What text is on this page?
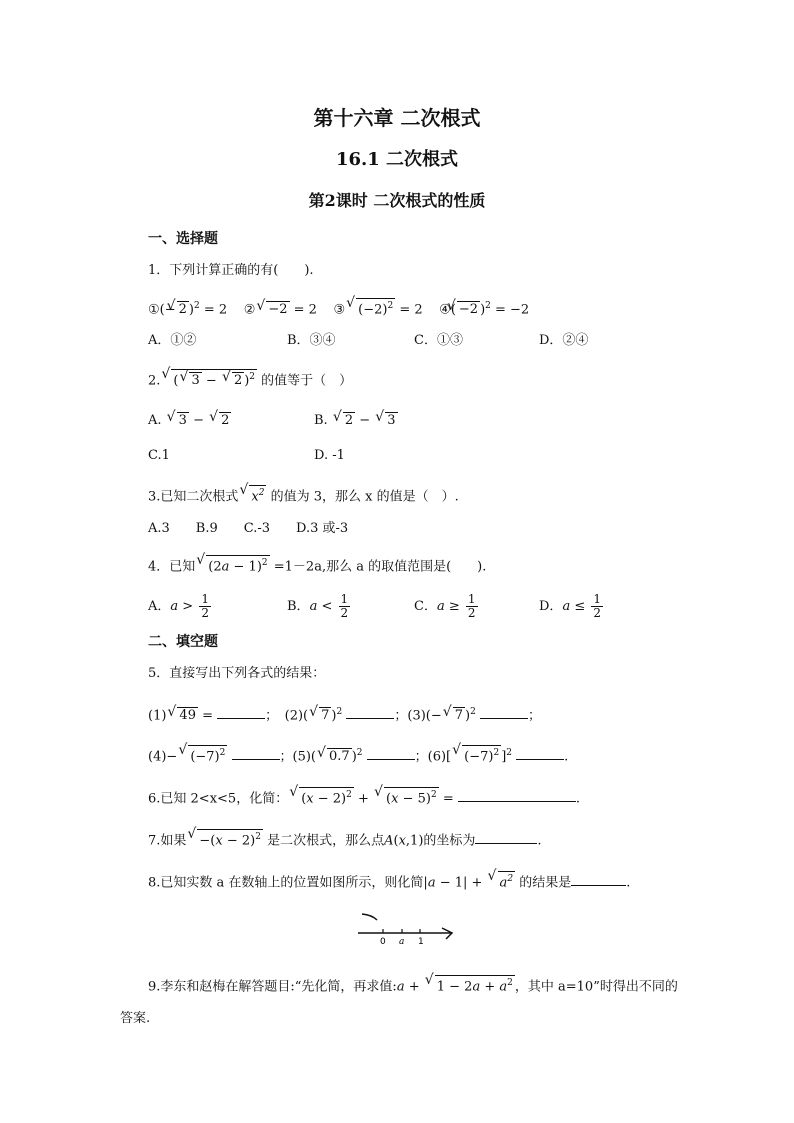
第十六章 二次根式
16.1 二次根式
第2课时 二次根式的性质
一、选择题
1．下列计算正确的有(　　).
①(− √ 2 )$^2$ = 2    ② √ −2 = 2    ③ √ $(-2)^2 = 2$    ④( √ −2 )$^2$ = −2
A．①②	B．③④	C．①③	D．②④
2. √ ( √ 3 − √ 2 )$^2$ 的值等于（　）
A. √ 3 − √ 2	B. √ 2 − √ 3
C.1	D. -1
3.已知二次根式 √ $x^2$ 的值为 3，那么 x 的值是（　）.
A.3　　B.9　　C.-3　　D.3 或-3
4．已知 √ $(2a - 1)^2 =1-2a$,那么 a 的取值范围是(　　).
A．$a > \frac{1}{2}$	B．$a < \frac{1}{2}$	C．$a \ge \frac{1}{2}$	D．$a \le \frac{1}{2}$
二、填空题
5．直接写出下列各式的结果：
(1) √ 49 =	；　(2)( √ 7 )$^2$	；(3)(− √ 7 )$^2$	；
(4)− √ $(-7)^2$	；(5)( √ 0.7 )$^2$	；(6)[ √ $(-7)^2$ ]$^2$	.
6.已知 2<x<5，化简： √ $(x - 2)^2$ + √ $(x - 5)^2$ =	.
7.如果 √ $-(x - 2)^2$ 是二次根式，那么点A(x,1)的坐标为	.
8.已知实数 a 在数轴上的位置如图所示，则化简|a − 1| + √ $a^2$ 的结果是	.
0 a 1
9.李东和赵梅在解答题目:“先化简，再求值:a + √ $1 - 2a + a^2$ ，其中 a=10”时得出不同的
答案.
